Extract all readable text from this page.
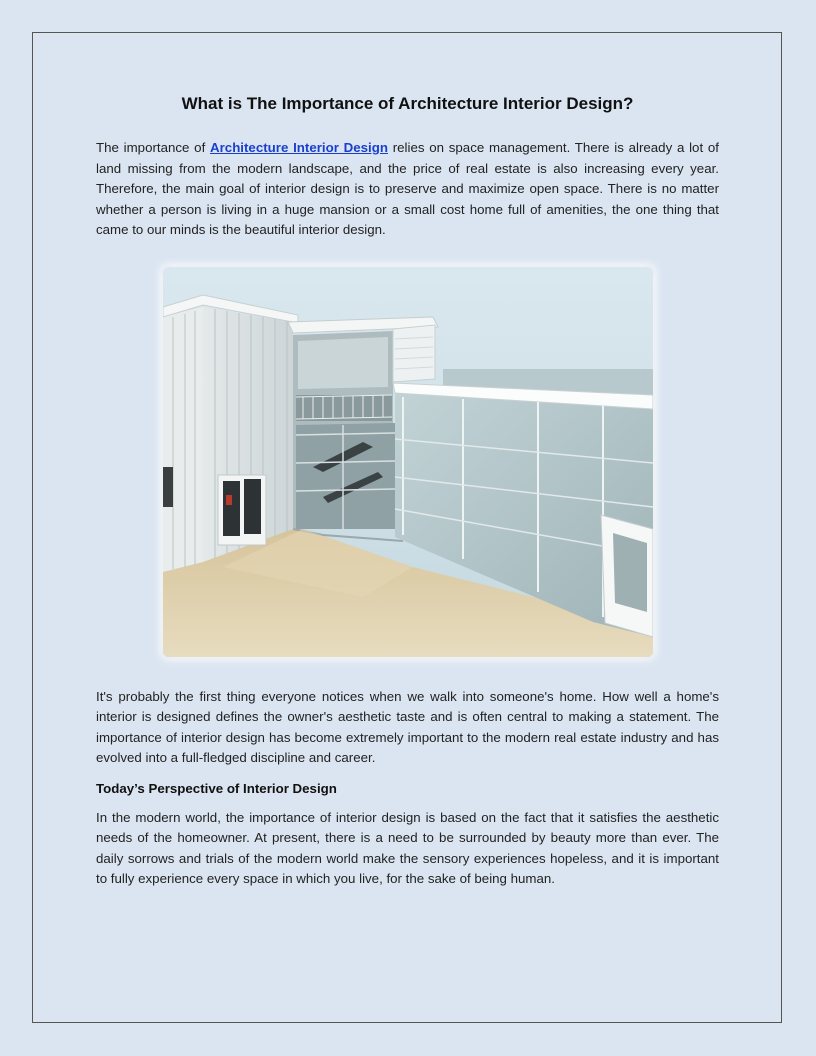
What is The Importance of Architecture Interior Design?

The importance of Architecture Interior Design relies on space management. There is already a lot of land missing from the modern landscape, and the price of real estate is also increasing every year. Therefore, the main goal of interior design is to preserve and maximize open space. There is no matter whether a person is living in a huge mansion or a small cost home full of amenities, the one thing that came to our minds is the beautiful interior design.

It's probably the first thing everyone notices when we walk into someone's home. How well a home's interior is designed defines the owner's aesthetic taste and is often central to making a statement. The importance of interior design has become extremely important to the modern real estate industry and has evolved into a full-fledged discipline and career.

Today’s Perspective of Interior Design

In the modern world, the importance of interior design is based on the fact that it satisfies the aesthetic needs of the homeowner. At present, there is a need to be surrounded by beauty more than ever. The daily sorrows and trials of the modern world make the sensory experiences hopeless, and it is important to fully experience every space in which you live, for the sake of being human.
